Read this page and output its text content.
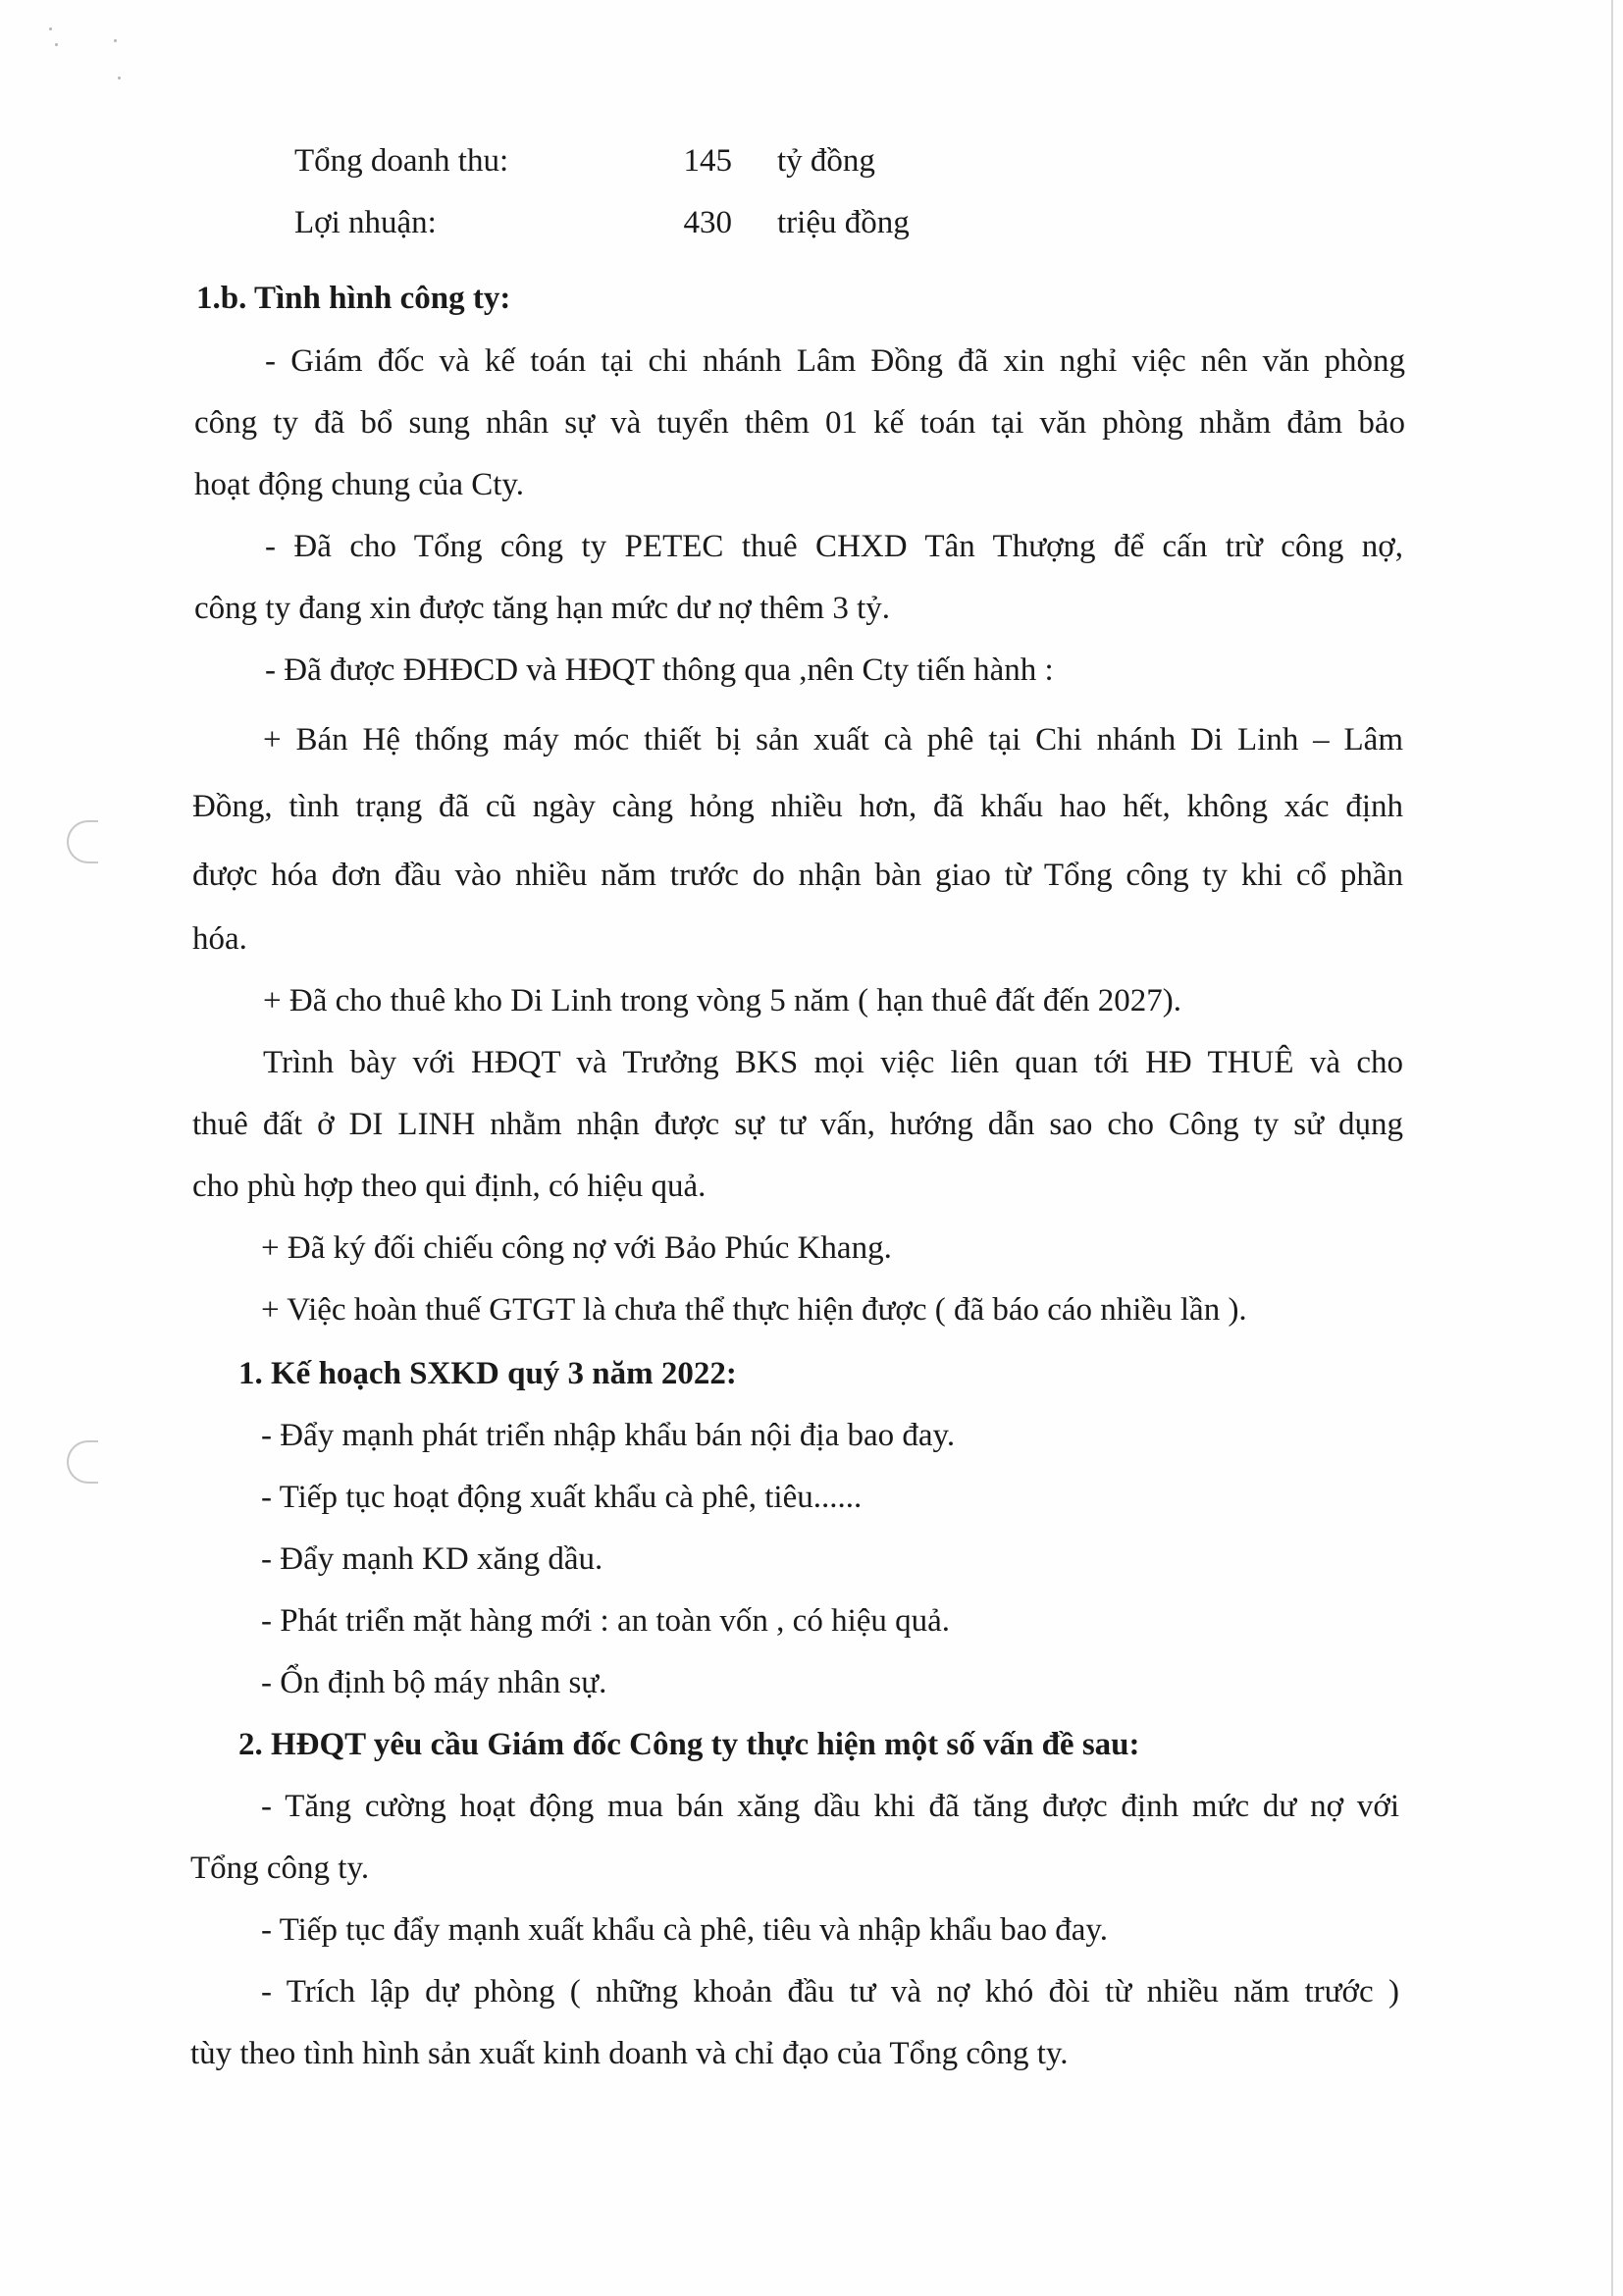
Tổng doanh thu:	145 tỷ đồng
Lợi nhuận:	430 triệu đồng
1.b. Tình hình công ty:
- Giám đốc và kế toán tại chi nhánh Lâm Đồng đã xin nghỉ việc nên văn phòng
công ty đã bổ sung nhân sự và tuyển thêm 01 kế toán tại văn phòng nhằm đảm bảo
hoạt động chung của Cty.
- Đã cho Tổng công ty PETEC thuê CHXD Tân Thượng để cấn trừ công nợ,
công ty đang xin được tăng hạn mức dư nợ thêm 3 tỷ.
- Đã được ĐHĐCD và HĐQT thông qua ,nên Cty tiến hành :
+ Bán Hệ thống máy móc thiết bị sản xuất cà phê tại Chi nhánh Di Linh – Lâm
Đồng, tình trạng đã cũ ngày càng hỏng nhiều hơn, đã khấu hao hết, không xác định
được hóa đơn đầu vào nhiều năm trước do nhận bàn giao từ Tổng công ty khi cổ phần
hóa.
+ Đã cho thuê kho Di Linh trong vòng 5 năm ( hạn thuê đất đến 2027).
Trình bày với HĐQT và Trưởng BKS mọi việc liên quan tới HĐ THUÊ và cho
thuê đất ở DI LINH nhằm nhận được sự tư vấn, hướng dẫn sao cho Công ty sử dụng
cho phù hợp theo qui định, có hiệu quả.
+ Đã ký đối chiếu công nợ với Bảo Phúc Khang.
+ Việc hoàn thuế GTGT là chưa thể thực hiện được ( đã báo cáo nhiều lần ).
1. Kế hoạch SXKD quý 3 năm 2022:
- Đẩy mạnh phát triển nhập khẩu bán nội địa bao đay.
- Tiếp tục hoạt động xuất khẩu cà phê, tiêu......
- Đẩy mạnh KD xăng dầu.
- Phát triển mặt hàng mới : an toàn vốn , có hiệu quả.
- Ổn định bộ máy nhân sự.
2. HĐQT yêu cầu Giám đốc Công ty thực hiện một số vấn đề sau:
- Tăng cường hoạt động mua bán xăng dầu khi đã tăng được định mức dư nợ với
Tổng công ty.
- Tiếp tục đẩy mạnh xuất khẩu cà phê, tiêu và nhập khẩu bao đay.
- Trích lập dự phòng ( những khoản đầu tư và nợ khó đòi từ nhiều năm trước )
tùy theo tình hình sản xuất kinh doanh và chỉ đạo của Tổng công ty.
